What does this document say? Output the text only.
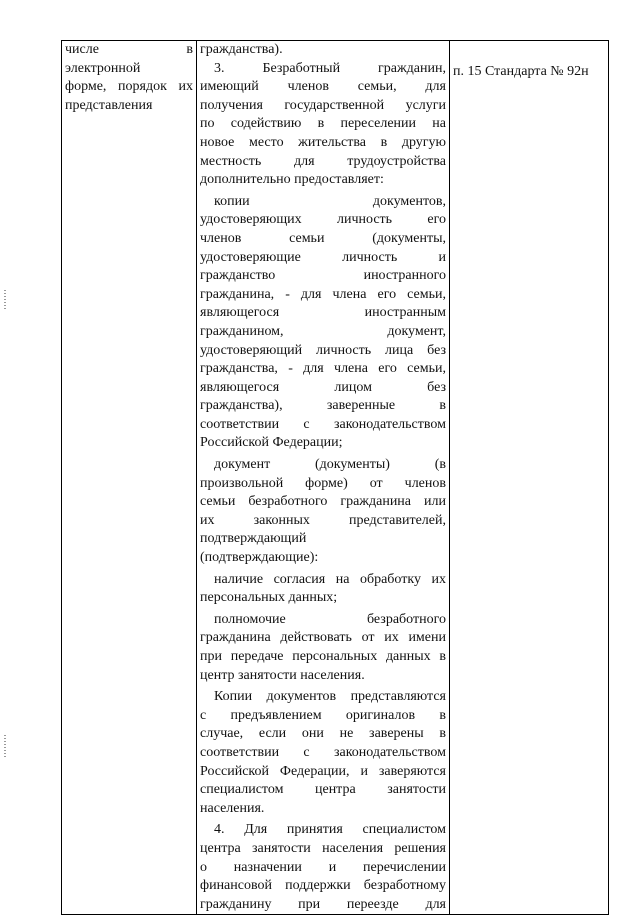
числе в
электронной
форме, порядок их
представления

гражданства).
3. Безработный гражданин,
имеющий членов семьи, для
получения государственной услуги
по содействию в переселении на
новое место жительства в другую
местность для трудоустройства
дополнительно предоставляет:
копии документов,
удостоверяющих личность его
членов семьи (документы,
удостоверяющие личность и
гражданство иностранного
гражданина, - для члена его семьи,
являющегося иностранным
гражданином, документ,
удостоверяющий личность лица без
гражданства, - для члена его семьи,
являющегося лицом без
гражданства), заверенные в
соответствии с законодательством
Российской Федерации;
документ (документы) (в
произвольной форме) от членов
семьи безработного гражданина или
их законных представителей,
подтверждающий
(подтверждающие):
наличие согласия на обработку их
персональных данных;
полномочие безработного
гражданина действовать от их имени
при передаче персональных данных в
центр занятости населения.
Копии документов представляются
с предъявлением оригиналов в
случае, если они не заверены в
соответствии с законодательством
Российской Федерации, и заверяются
специалистом центра занятости
населения.
4. Для принятия специалистом
центра занятости населения решения
о назначении и перечислении
финансовой поддержки безработному
гражданину при переезде для

п. 15 Стандарта № 92н
